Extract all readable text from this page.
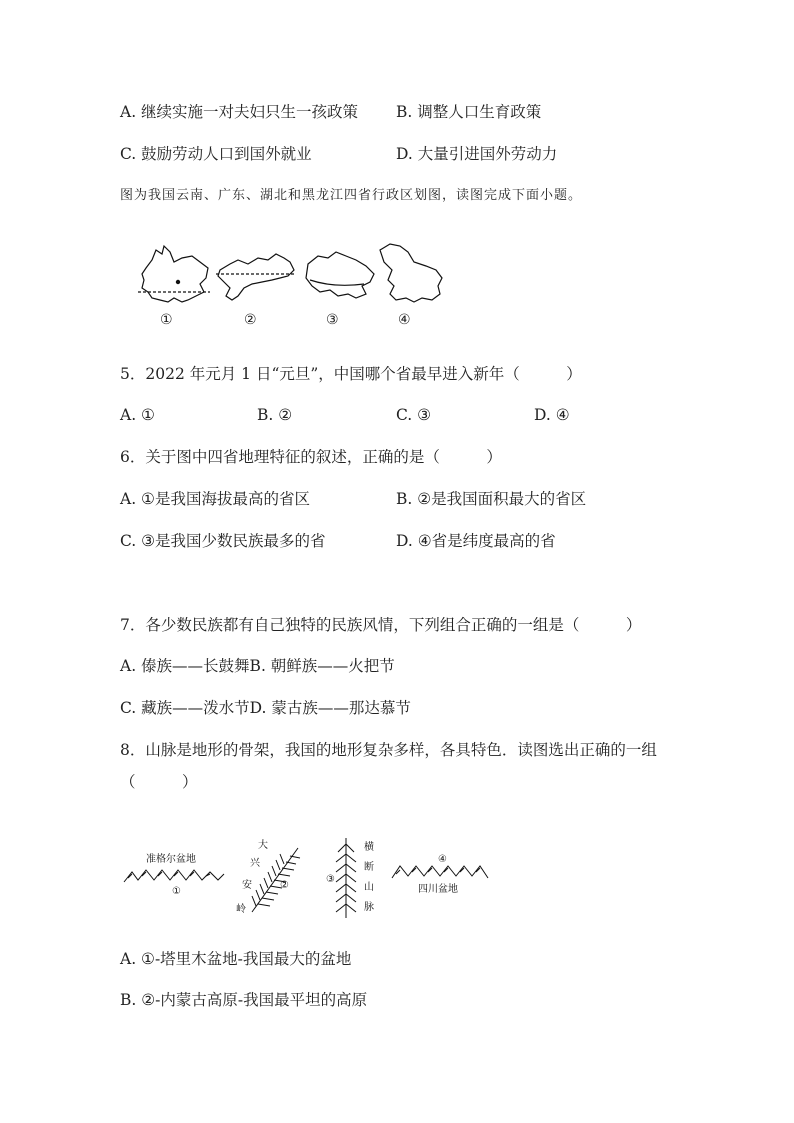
A. 继续实施一对夫妇只生一孩政策 B. 调整人口生育政策
C. 鼓励劳动人口到国外就业	D. 大量引进国外劳动力
图为我国云南、广东、湖北和黑龙江四省行政区划图，读图完成下面小题。
①	②	③	④
5．2022 年元月 1 日“元旦”，中国哪个省最早进入新年（　　　）
A. ①	B. ②	C. ③	D. ④
6．关于图中四省地理特征的叙述，正确的是（　　　）
A. ①是我国海拔最高的省区	B. ②是我国面积最大的省区
C. ③是我国少数民族最多的省	D. ④省是纬度最高的省
7．各少数民族都有自己独特的民族风情，下列组合正确的一组是（　　　）
A. 傣族——长鼓舞B. 朝鲜族——火把节
C. 藏族——泼水节D. 蒙古族——那达慕节
8．山脉是地形的骨架，我国的地形复杂多样，各具特色．读图选出正确的一组
（　　　）
准格尔盆地
①
大
兴
安
岭
②
③
横
断
山
脉
④
四川盆地
A. ①-塔里木盆地-我国最大的盆地
B. ②-内蒙古高原-我国最平坦的高原
